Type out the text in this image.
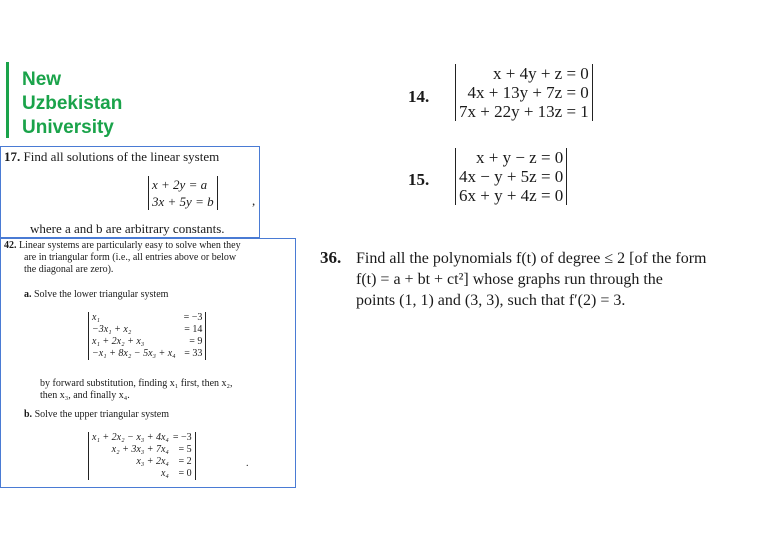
New
Uzbekistan
University
17. Find all solutions of the linear system
x + 2y = a
3x + 5y = b	,
where a and b are arbitrary constants.
42. Linear systems are particularly easy to solve when they
are in triangular form (i.e., all entries above or below
the diagonal are zero).
a. Solve the lower triangular system
x₁
−3x₁ + x₂
x₁ + 2x₂ + x₃
−x₁ + 8x₂ − 5x₃ + x₄
= −3
= 14
= 9
= 33
by forward substitution, finding x₁ first, then x₂,
then x₃, and finally x₄.
b. Solve the upper triangular system
x₁ + 2x₂ − x₃ + 4x₄
x₂ + 3x₃ + 7x₄
x₃ + 2x₄
x₄
= −3
= 5
= 2
= 0
.
14.
x + 4y + z = 0
4x + 13y + 7z = 0
7x + 22y + 13z = 1
15.
x + y − z = 0
4x − y + 5z = 0
6x + y + 4z = 0
36. Find all the polynomials f(t) of degree ≤ 2 [of the form
f(t) = a + bt + ct²] whose graphs run through the
points (1, 1) and (3, 3), such that f′(2) = 3.
